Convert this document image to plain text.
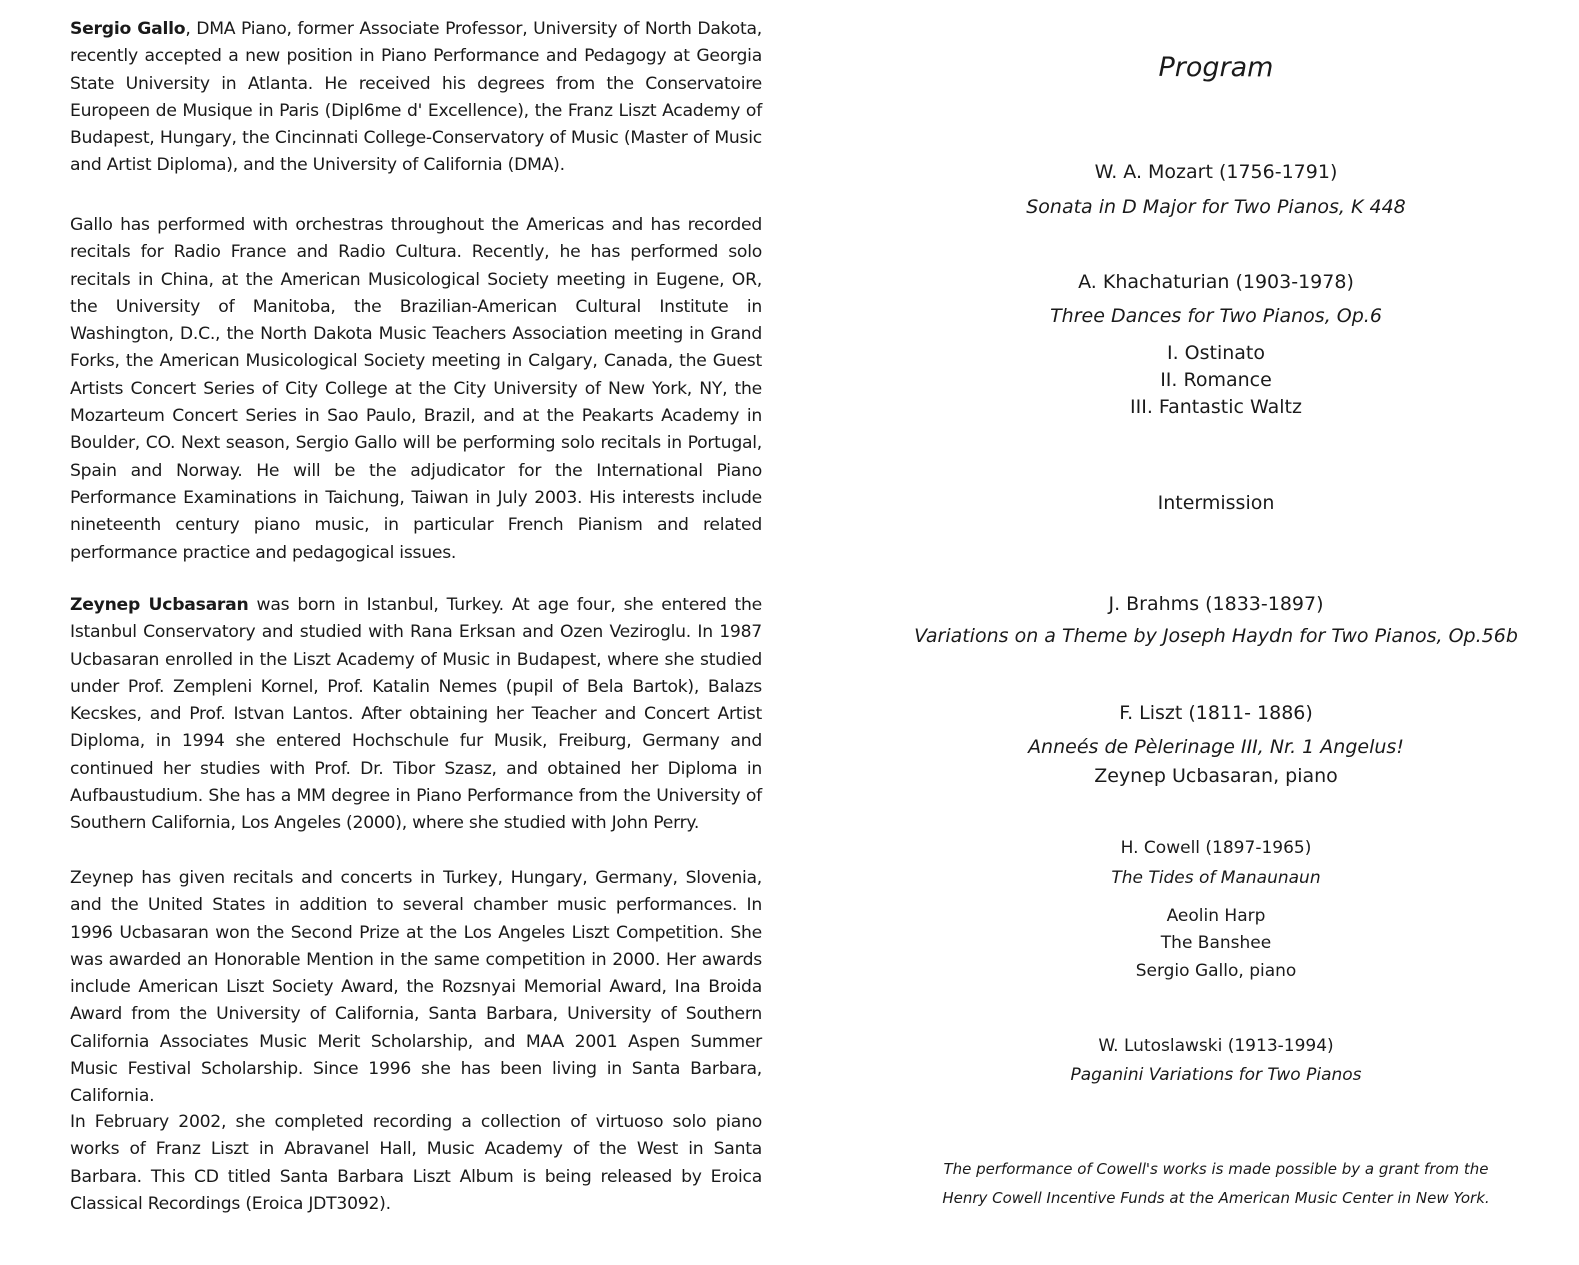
Sergio Gallo, DMA Piano, former Associate Professor, University of North Dakota, recently accepted a new position in Piano Performance and Pedagogy at Georgia State University in Atlanta. He received his degrees from the Conservatoire Europeen de Musique in Paris (Dipl6me d' Excellence), the Franz Liszt Academy of Budapest, Hungary, the Cincinnati College-Conservatory of Music (Master of Music and Artist Diploma), and the University of California (DMA).

Gallo has performed with orchestras throughout the Americas and has recorded recitals for Radio France and Radio Cultura. Recently, he has performed solo recitals in China, at the American Musicological Society meeting in Eugene, OR, the University of Manitoba, the Brazilian-American Cultural Institute in Washington, D.C., the North Dakota Music Teachers Association meeting in Grand Forks, the American Musicological Society meeting in Calgary, Canada, the Guest Artists Concert Series of City College at the City University of New York, NY, the Mozarteum Concert Series in Sao Paulo, Brazil, and at the Peakarts Academy in Boulder, CO. Next season, Sergio Gallo will be performing solo recitals in Portugal, Spain and Norway. He will be the adjudicator for the International Piano Performance Examinations in Taichung, Taiwan in July 2003. His interests include nineteenth century piano music, in particular French Pianism and related performance practice and pedagogical issues.

Zeynep Ucbasaran was born in Istanbul, Turkey. At age four, she entered the Istanbul Conservatory and studied with Rana Erksan and Ozen Veziroglu. In 1987 Ucbasaran enrolled in the Liszt Academy of Music in Budapest, where she studied under Prof. Zempleni Kornel, Prof. Katalin Nemes (pupil of Bela Bartok), Balazs Kecskes, and Prof. Istvan Lantos. After obtaining her Teacher and Concert Artist Diploma, in 1994 she entered Hochschule fur Musik, Freiburg, Germany and continued her studies with Prof. Dr. Tibor Szasz, and obtained her Diploma in Aufbaustudium. She has a MM degree in Piano Performance from the University of Southern California, Los Angeles (2000), where she studied with John Perry.

Zeynep has given recitals and concerts in Turkey, Hungary, Germany, Slovenia, and the United States in addition to several chamber music performances. In 1996 Ucbasaran won the Second Prize at the Los Angeles Liszt Competition. She was awarded an Honorable Mention in the same competition in 2000. Her awards include American Liszt Society Award, the Rozsnyai Memorial Award, Ina Broida Award from the University of California, Santa Barbara, University of Southern California Associates Music Merit Scholarship, and MAA 2001 Aspen Summer Music Festival Scholarship. Since 1996 she has been living in Santa Barbara, California.

In February 2002, she completed recording a collection of virtuoso solo piano works of Franz Liszt in Abravanel Hall, Music Academy of the West in Santa Barbara. This CD titled Santa Barbara Liszt Album is being released by Eroica Classical Recordings (Eroica JDT3092).

Program
W. A. Mozart (1756-1791)
Sonata in D Major for Two Pianos, K 448
A. Khachaturian (1903-1978)
Three Dances for Two Pianos, Op.6
I. Ostinato
II. Romance
III. Fantastic Waltz
Intermission
J. Brahms (1833-1897)
Variations on a Theme by Joseph Haydn for Two Pianos, Op.56b
F. Liszt (1811- 1886)
Anneés de Pèlerinage III, Nr. 1 Angelus!
Zeynep Ucbasaran, piano
H. Cowell (1897-1965)
The Tides of Manaunaun
Aeolin Harp
The Banshee
Sergio Gallo, piano
W. Lutoslawski (1913-1994)
Paganini Variations for Two Pianos
The performance of Cowell's works is made possible by a grant from the
Henry Cowell Incentive Funds at the American Music Center in New York.
